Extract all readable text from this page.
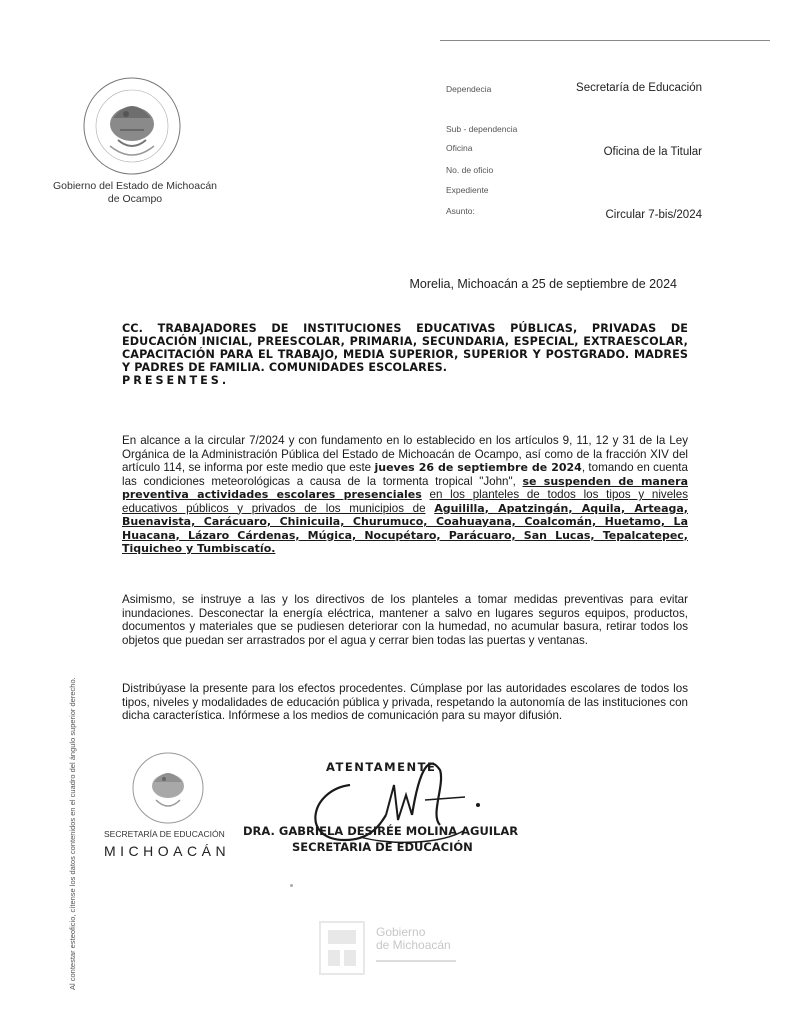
Gobierno del Estado de Michoacán de Ocampo
Dependecia	Secretaría de Educación
Sub - dependencia
Oficina	Oficina de la Titular
No. de oficio
Expediente
Asunto:	Circular 7-bis/2024
Morelia, Michoacán a 25 de septiembre de 2024
CC. TRABAJADORES DE INSTITUCIONES EDUCATIVAS PÚBLICAS, PRIVADAS DE EDUCACIÓN INICIAL, PREESCOLAR, PRIMARIA, SECUNDARIA, ESPECIAL, EXTRAESCOLAR, CAPACITACIÓN PARA EL TRABAJO, MEDIA SUPERIOR, SUPERIOR Y POSTGRADO. MADRES Y PADRES DE FAMILIA. COMUNIDADES ESCOLARES.
PRESENTES.
En alcance a la circular 7/2024 y con fundamento en lo establecido en los artículos 9, 11, 12 y 31 de la Ley Orgánica de la Administración Pública del Estado de Michoacán de Ocampo, así como de la fracción XIV del artículo 114, se informa por este medio que este jueves 26 de septiembre de 2024, tomando en cuenta las condiciones meteorológicas a causa de la tormenta tropical "John", se suspenden de manera preventiva actividades escolares presenciales en los planteles de todos los tipos y niveles educativos públicos y privados de los municipios de Aguililla, Apatzingán, Aquila, Arteaga, Buenavista, Carácuaro, Chinicuila, Churumuco, Coahuayana, Coalcomán, Huetamo, La Huacana, Lázaro Cárdenas, Múgica, Nocupétaro, Parácuaro, San Lucas, Tepalcatepec, Tiquicheo y Tumbiscatío.
Asimismo, se instruye a las y los directivos de los planteles a tomar medidas preventivas para evitar inundaciones. Desconectar la energía eléctrica, mantener a salvo en lugares seguros equipos, productos, documentos y materiales que se pudiesen deteriorar con la humedad, no acumular basura, retirar todos los objetos que puedan ser arrastrados por el agua y cerrar bien todas las puertas y ventanas.
Distribúyase la presente para los efectos procedentes. Cúmplase por las autoridades escolares de todos los tipos, niveles y modalidades de educación pública y privada, respetando la autonomía de las instituciones con dicha característica. Infórmese a los medios de comunicación para su mayor difusión.
SECRETARÍA DE EDUCACIÓN
MICHOACÁN
ATENTAMENTE
DRA. GABRIELA DESIRÉE MOLINA AGUILAR
SECRETARIA DE EDUCACIÓN
Al contestar esteoficio, cítense los datos contenidos en el cuadro del ángulo superior derecho.	Gobierno
de Michoacán
